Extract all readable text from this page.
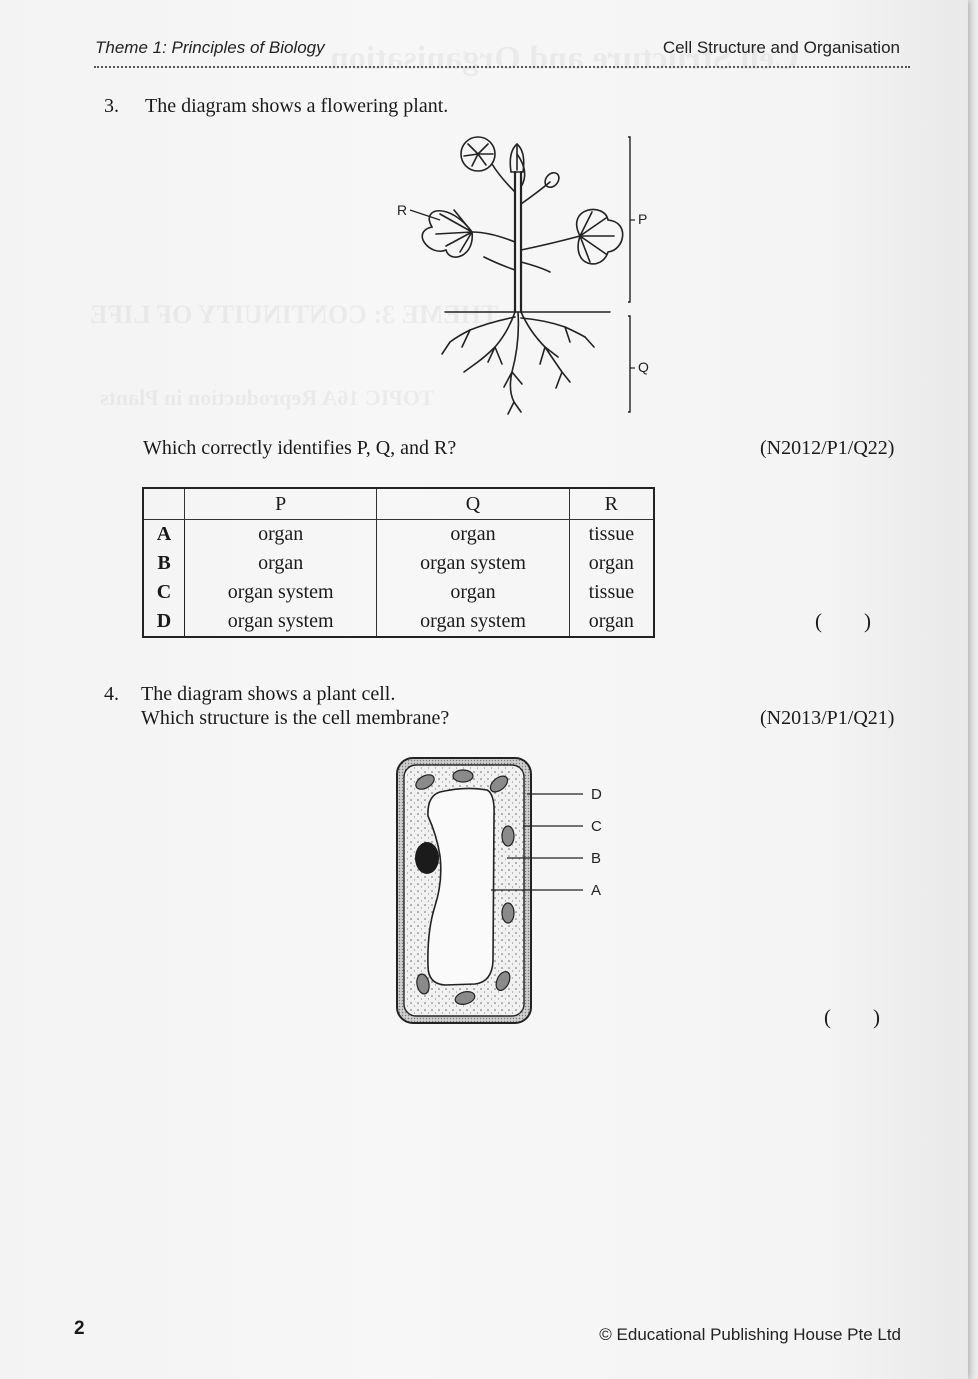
Theme 1: Principles of Biology	Cell Structure and Organisation
3. The diagram shows a flowering plant.
R
P
Q
Which correctly identifies P, Q, and R?	(N2012/P1/Q22)
	P	Q	R
A	organ	organ	tissue
B	organ	organ system	organ
C	organ system	organ	tissue
D	organ system	organ system	organ	(        )
4. The diagram shows a plant cell.
Which structure is the cell membrane?	(N2013/P1/Q21)
D
C
B
A
(        )
2	© Educational Publishing House Pte Ltd
